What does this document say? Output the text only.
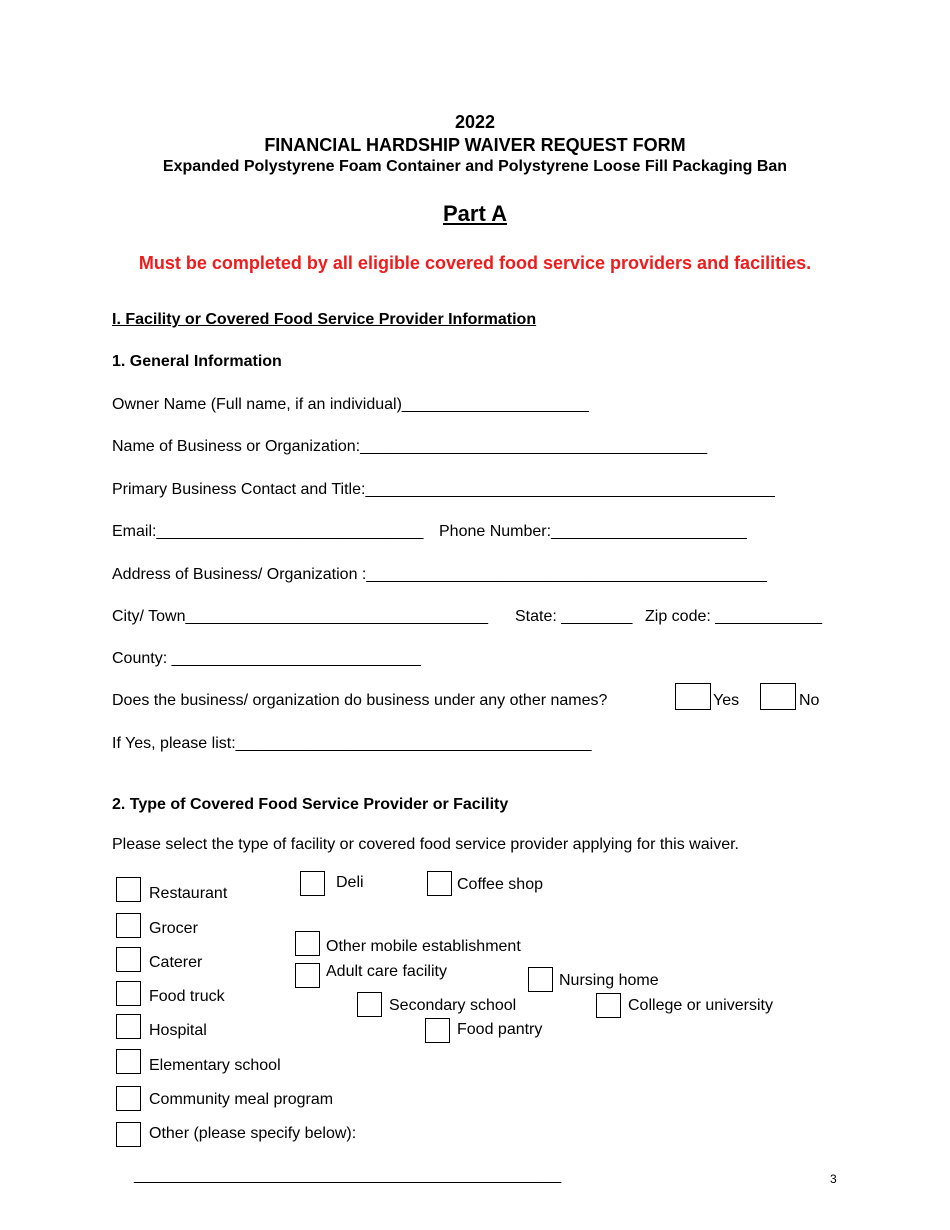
2022
FINANCIAL HARDSHIP WAIVER REQUEST FORM
Expanded Polystyrene Foam Container and Polystyrene Loose Fill Packaging Ban
Part A
Must be completed by all eligible covered food service providers and facilities.
I. Facility or Covered Food Service Provider Information
1. General Information
Owner Name (Full name, if an individual)_____________________
Name of Business or Organization:_______________________________________
Primary Business Contact and Title:______________________________________________
Email:______________________________ Phone Number:______________________
Address of Business/ Organization :_____________________________________________
City/ Town__________________________________ State: ________ Zip code: ____________
County: ____________________________
Does the business/ organization do business under any other names?	Yes	No
If Yes, please list:________________________________________
2. Type of Covered Food Service Provider or Facility
Please select the type of facility or covered food service provider applying for this waiver.
Restaurant
Grocer
Caterer
Food truck
Hospital
Elementary school
Community meal program
Other (please specify below):
Deli	Coffee shop
Other mobile establishment
Adult care facility
Nursing home
Secondary school	College or university
Food pantry
________________________________________________	3
